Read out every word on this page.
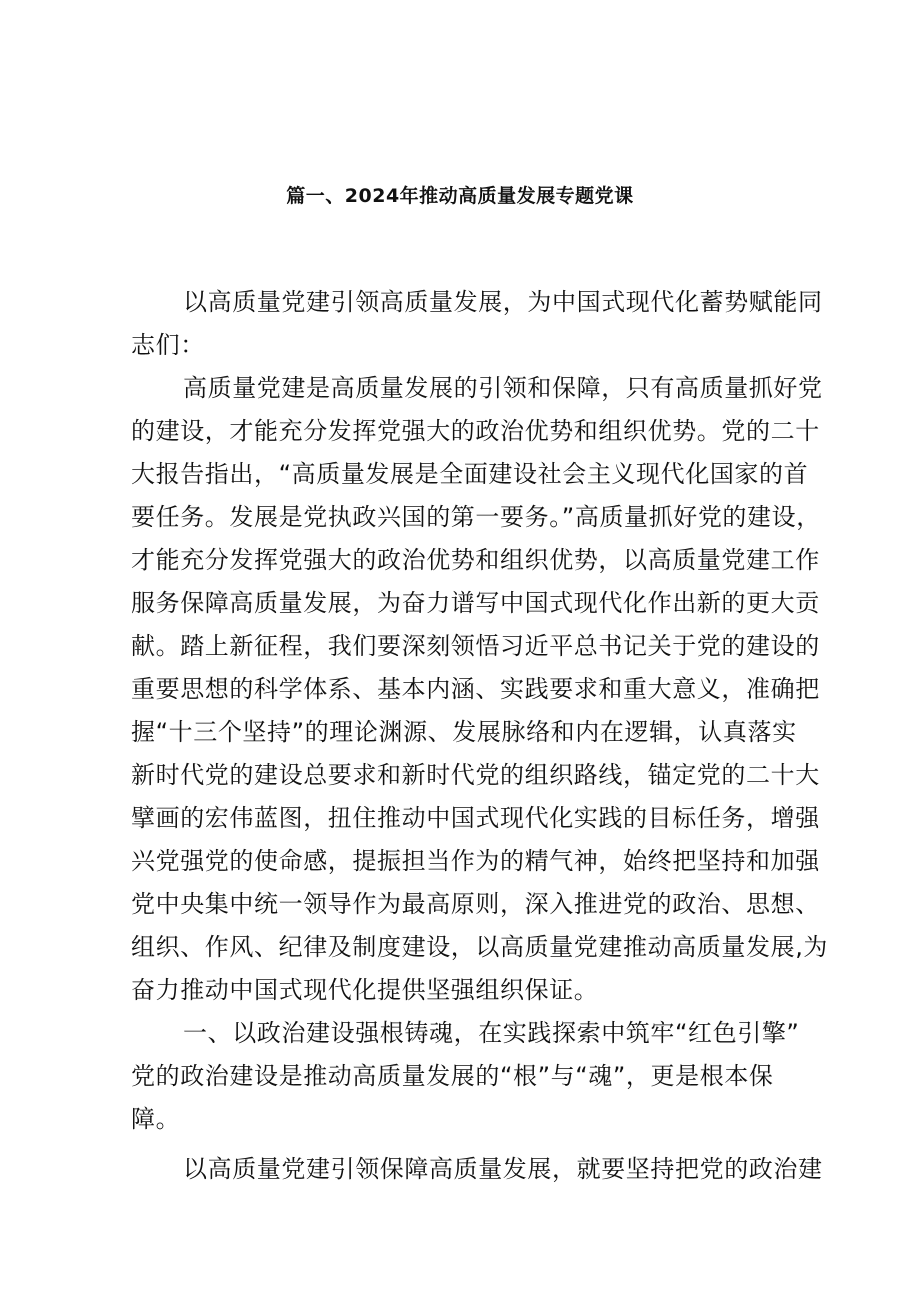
篇一、2024年推动高质量发展专题党课
以高质量党建引领高质量发展，为中国式现代化蓄势赋能同
志们：
高质量党建是高质量发展的引领和保障，只有高质量抓好党
的建设，才能充分发挥党强大的政治优势和组织优势。党的二十
大报告指出，“高质量发展是全面建设社会主义现代化国家的首
要任务。发展是党执政兴国的第一要务。”高质量抓好党的建设，
才能充分发挥党强大的政治优势和组织优势，以高质量党建工作
服务保障高质量发展，为奋力谱写中国式现代化作出新的更大贡
献。踏上新征程，我们要深刻领悟习近平总书记关于党的建设的
重要思想的科学体系、基本内涵、实践要求和重大意义，准确把
握“十三个坚持”的理论渊源、发展脉络和内在逻辑，认真落实
新时代党的建设总要求和新时代党的组织路线，锚定党的二十大
擘画的宏伟蓝图，扭住推动中国式现代化实践的目标任务，增强
兴党强党的使命感，提振担当作为的精气神，始终把坚持和加强
党中央集中统一领导作为最高原则，深入推进党的政治、思想、
组织、作风、纪律及制度建设，以高质量党建推动高质量发展,为
奋力推动中国式现代化提供坚强组织保证。
一、以政治建设强根铸魂，在实践探索中筑牢“红色引擎”
党的政治建设是推动高质量发展的“根”与“魂”，更是根本保
障。
以高质量党建引领保障高质量发展，就要坚持把党的政治建
